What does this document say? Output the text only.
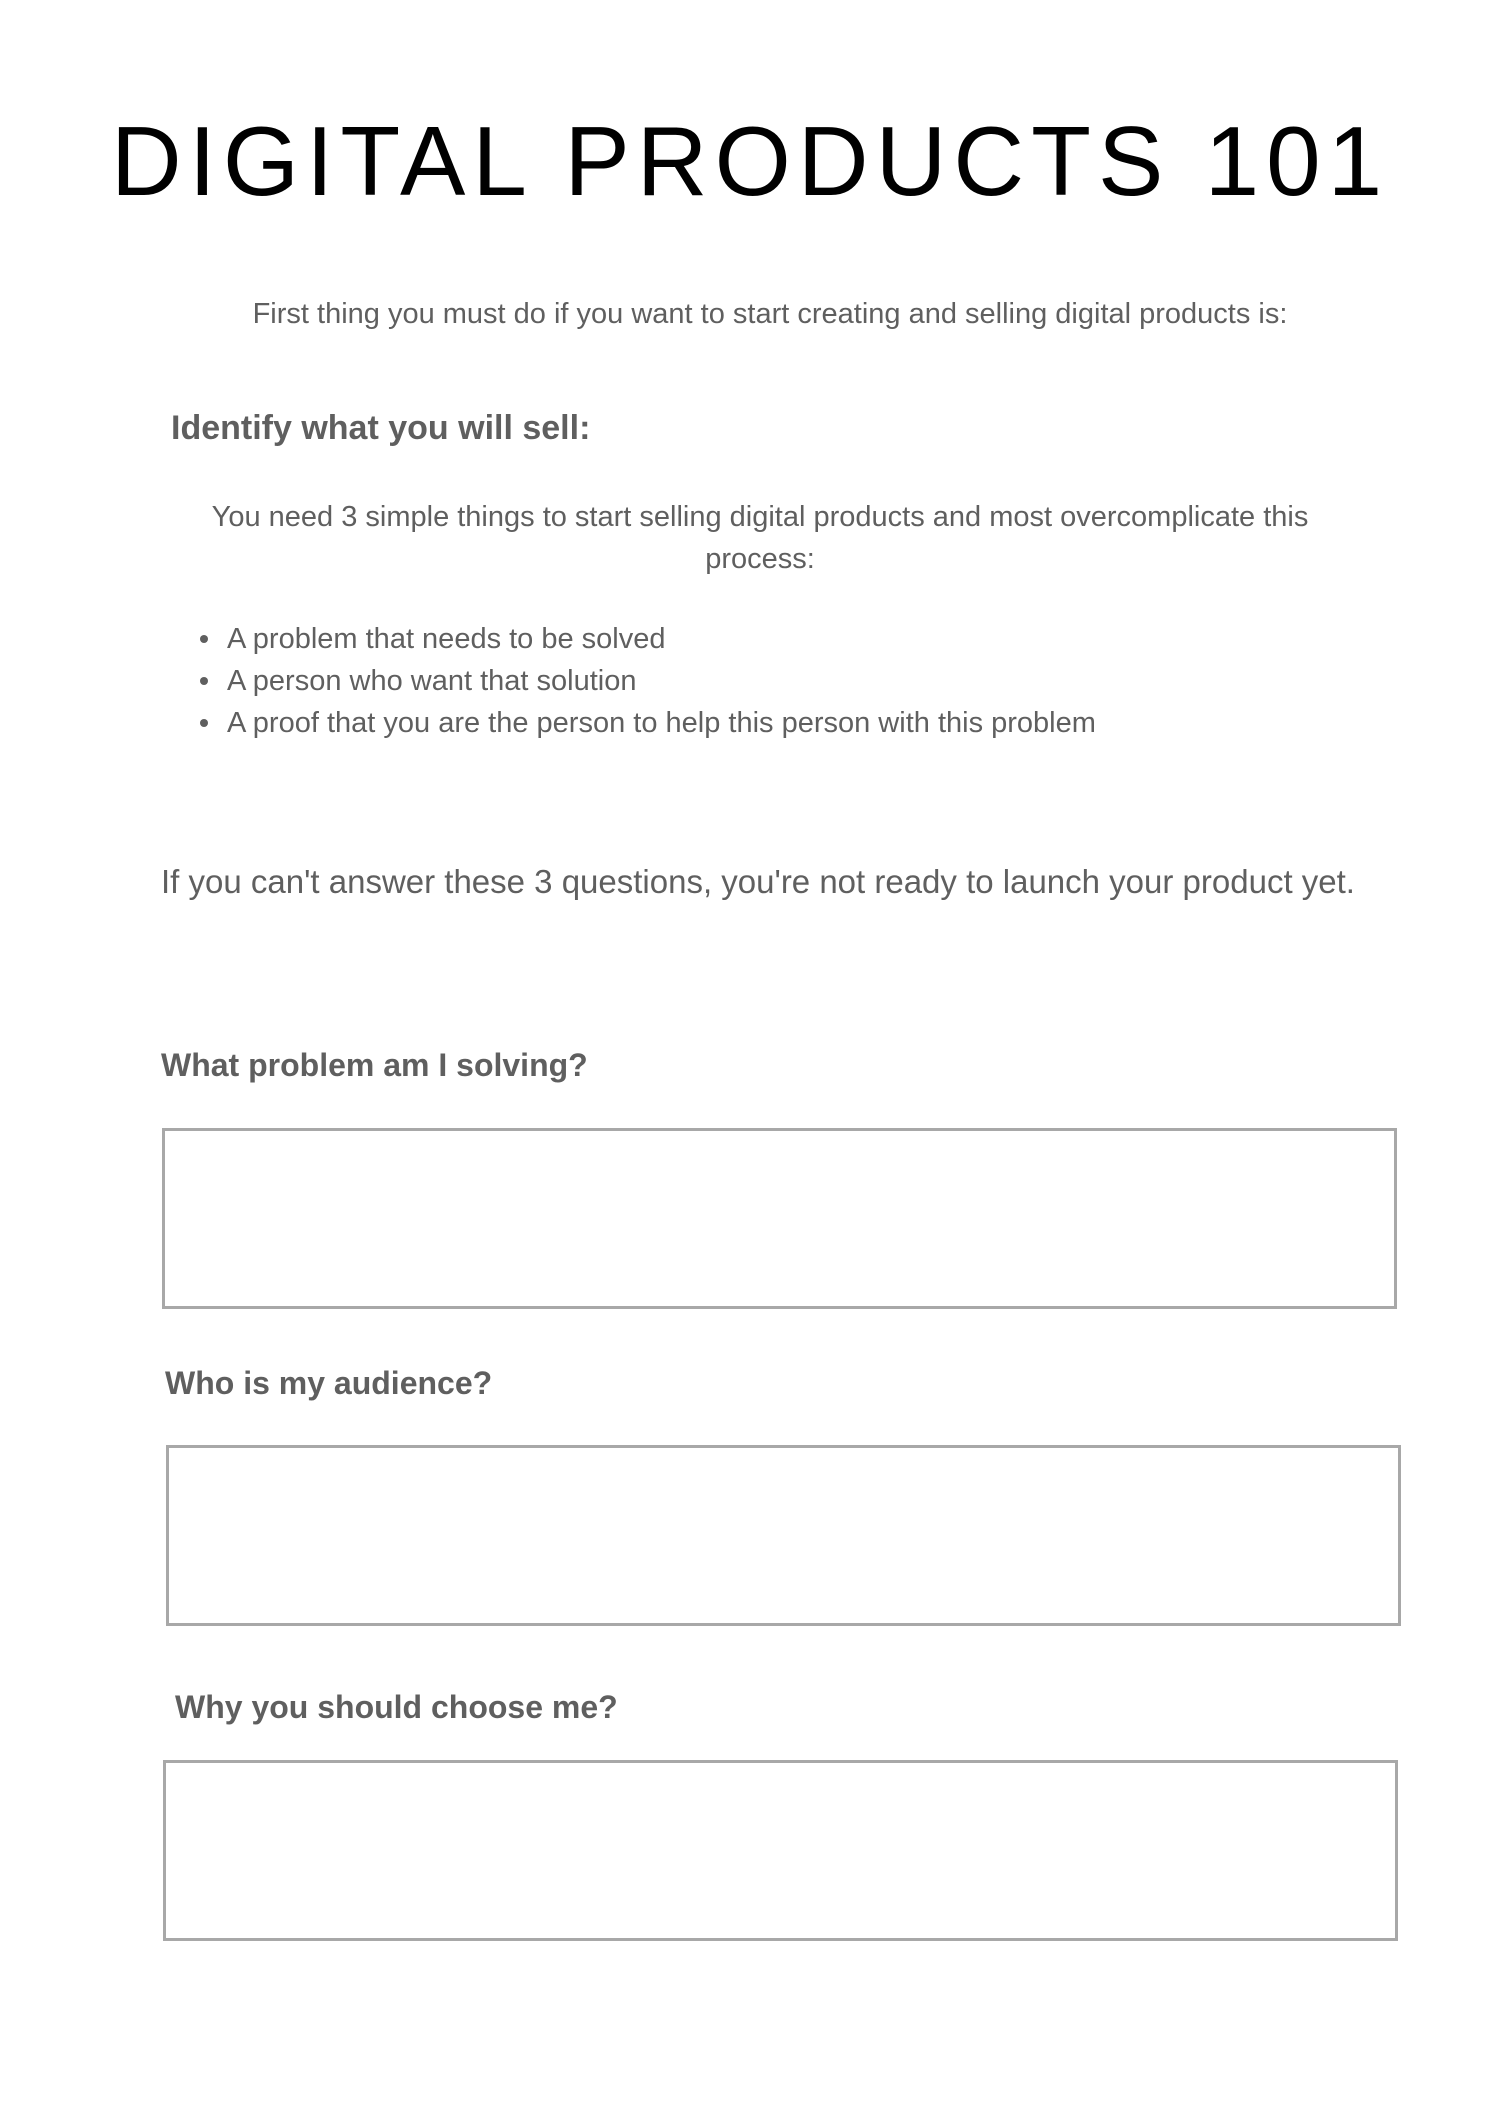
DIGITAL PRODUCTS 101

First thing you must do if you want to start creating and selling digital products is:

Identify what you will sell:

You need 3 simple things to start selling digital products and most overcomplicate this process:

A problem that needs to be solved
A person who want that solution
A proof that you are the person to help this person with this problem

If you can't answer these 3 questions, you're not ready to launch your product yet.

What problem am I solving?
Who is my audience?
Why you should choose me?
